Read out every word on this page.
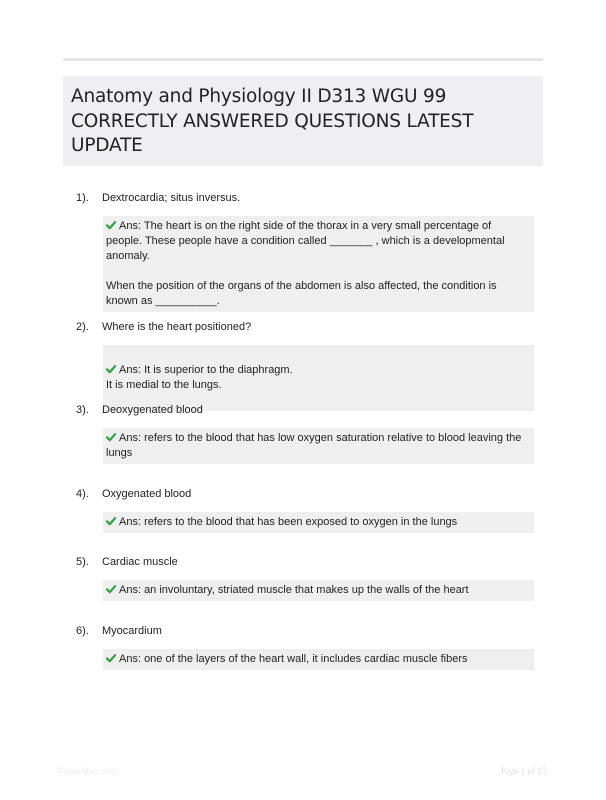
Anatomy and Physiology II D313 WGU 99 CORRECTLY ANSWERED QUESTIONS LATEST UPDATE
1). Dextrocardia; situs inversus.

Ans: The heart is on the right side of the thorax in a very small percentage of people. These people have a condition called _______ , which is a developmental anomaly.

When the position of the organs of the abdomen is also affected, the condition is known as __________.

2). Where is the heart positioned?

Ans: It is superior to the diaphragm.
It is medial to the lungs.

3). Deoxygenated blood

Ans: refers to the blood that has low oxygen saturation relative to blood leaving the lungs

4). Oxygenated blood

Ans: refers to the blood that has been exposed to oxygen in the lungs

5). Cardiac muscle

Ans: an involuntary, striated muscle that makes up the walls of the heart

6). Myocardium

Ans: one of the layers of the heart wall, it includes cardiac muscle fibers

Paperfibic.com	Page 1 of 13
